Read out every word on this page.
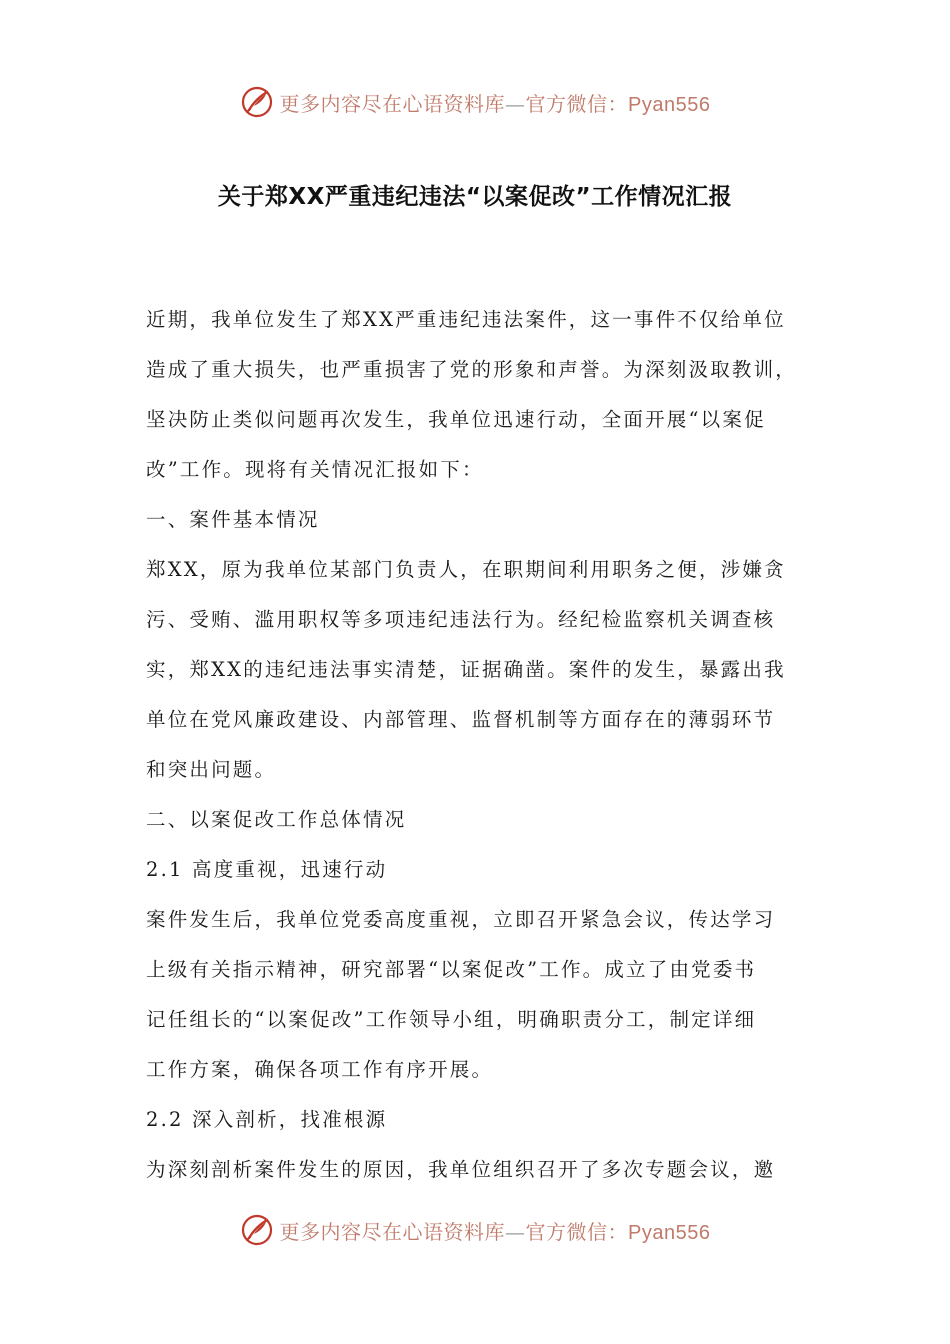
更多内容尽在心语资料库—官方微信：Pyan556
关于郑XX严重违纪违法“以案促改”工作情况汇报
近期，我单位发生了郑XX严重违纪违法案件，这一事件不仅给单位
造成了重大损失，也严重损害了党的形象和声誉。为深刻汲取教训，
坚决防止类似问题再次发生，我单位迅速行动，全面开展“以案促
改”工作。现将有关情况汇报如下：
一、案件基本情况
郑XX，原为我单位某部门负责人，在职期间利用职务之便，涉嫌贪
污、受贿、滥用职权等多项违纪违法行为。经纪检监察机关调查核
实，郑XX的违纪违法事实清楚，证据确凿。案件的发生，暴露出我
单位在党风廉政建设、内部管理、监督机制等方面存在的薄弱环节
和突出问题。
二、以案促改工作总体情况
2.1 高度重视，迅速行动
案件发生后，我单位党委高度重视，立即召开紧急会议，传达学习
上级有关指示精神，研究部署“以案促改”工作。成立了由党委书
记任组长的“以案促改”工作领导小组，明确职责分工，制定详细
工作方案，确保各项工作有序开展。
2.2 深入剖析，找准根源
为深刻剖析案件发生的原因，我单位组织召开了多次专题会议，邀
更多内容尽在心语资料库—官方微信：Pyan556
